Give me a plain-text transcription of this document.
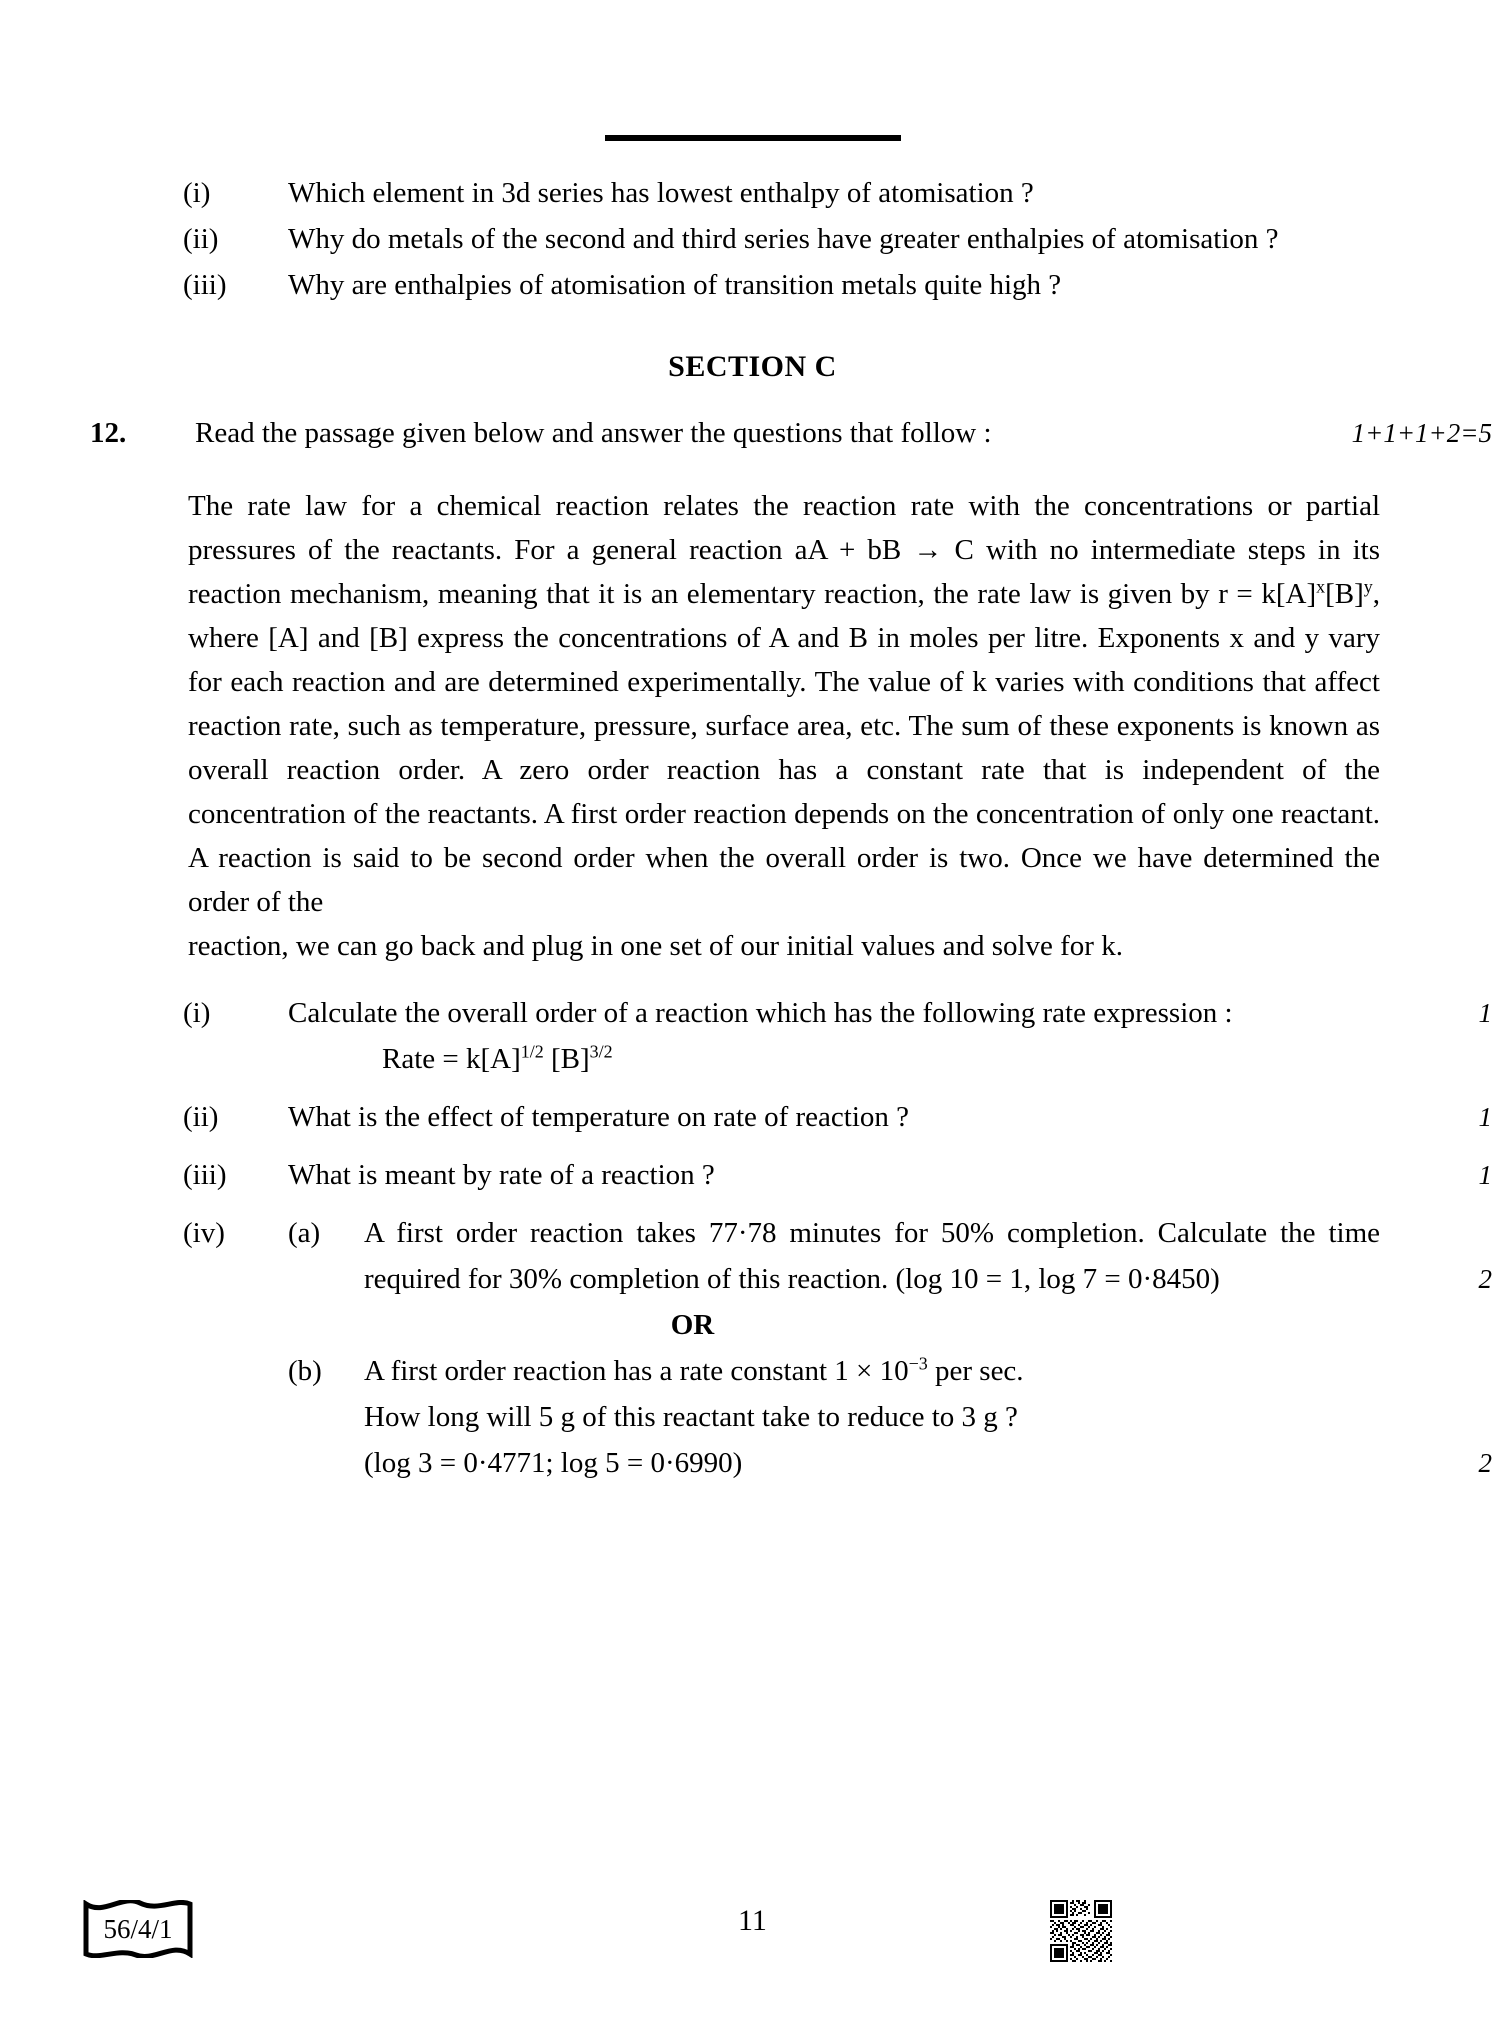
(i)	Which element in 3d series has lowest enthalpy of atomisation ?
(ii)	Why do metals of the second and third series have greater enthalpies of atomisation ?
(iii)	Why are enthalpies of atomisation of transition metals quite high ?
SECTION C
12.	Read the passage given below and answer the questions that follow :	1+1+1+2=5
The rate law for a chemical reaction relates the reaction rate with the concentrations or partial pressures of the reactants. For a general reaction aA + bB → C with no intermediate steps in its reaction mechanism, meaning that it is an elementary reaction, the rate law is given by $r = k[A]^x[B]^y$, where [A] and [B] express the concentrations of A and B in moles per litre. Exponents x and y vary for each reaction and are determined experimentally. The value of k varies with conditions that affect reaction rate, such as temperature, pressure, surface area, etc. The sum of these exponents is known as overall reaction order. A zero order reaction has a constant rate that is independent of the concentration of the reactants. A first order reaction depends on the concentration of only one reactant. A reaction is said to be second order when the overall order is two. Once we have determined the order of the
reaction, we can go back and plug in one set of our initial values and solve for k.
(i)	Calculate the overall order of a reaction which has the following rate expression :	1
Rate = $k[A]^{1/2}$ $[B]^{3/2}$
(ii)	What is the effect of temperature on rate of reaction ?	1
(iii)	What is meant by rate of a reaction ?	1
(iv)	(a)	A first order reaction takes 77·78 minutes for 50% completion. Calculate the time required for 30% completion of this reaction. (log 10 = 1, log 7 = 0·8450)	2
OR
(b)	A first order reaction has a rate constant $1 \times 10^{-3}$ per sec.
How long will 5 g of this reactant take to reduce to 3 g ?
(log 3 = 0·4771; log 5 = 0·6990)	2
56/4/1	11
